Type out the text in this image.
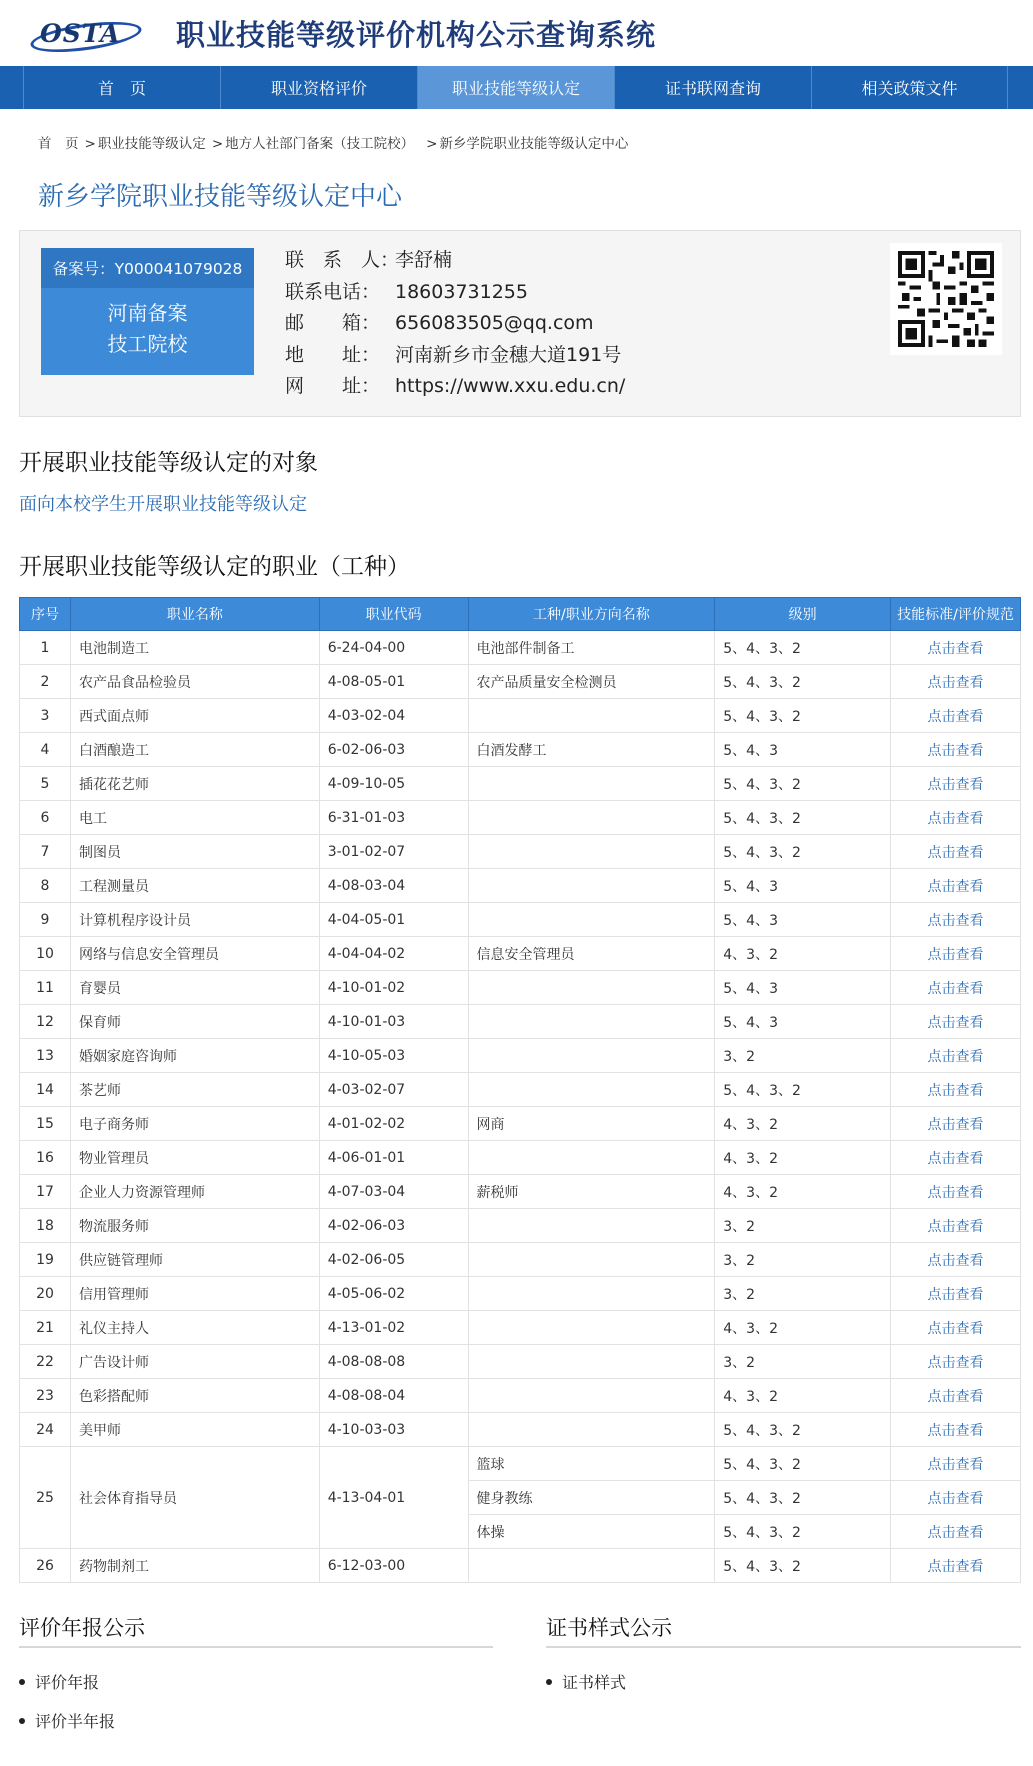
OSTA 职业技能等级评价机构公示查询系统
首　页	职业资格评价	职业技能等级认定	证书联网查询	相关政策文件
首　页 > 职业技能等级认定 > 地方人社部门备案（技工院校） > 新乡学院职业技能等级认定中心
新乡学院职业技能等级认定中心
备案号：Y000041079028
河南备案
技工院校
联　系　人：
李舒楠
联系电话： 18603731255
邮　　箱： 656083505@qq.com
地　　址： 河南新乡市金穗大道191号
网　　址： https://www.xxu.edu.cn/
开展职业技能等级认定的对象
面向本校学生开展职业技能等级认定
开展职业技能等级认定的职业（工种）
序号	职业名称	职业代码	工种/职业方向名称	级别	技能标准/评价规范
1	电池制造工	6-24-04-00	电池部件制备工	5、4、3、2	点击查看
2	农产品食品检验员	4-08-05-01	农产品质量安全检测员	5、4、3、2	点击查看
3	西式面点师	4-03-02-04		5、4、3、2	点击查看
4	白酒酿造工	6-02-06-03	白酒发酵工	5、4、3	点击查看
5	插花花艺师	4-09-10-05		5、4、3、2	点击查看
6	电工	6-31-01-03		5、4、3、2	点击查看
7	制图员	3-01-02-07		5、4、3、2	点击查看
8	工程测量员	4-08-03-04		5、4、3	点击查看
9	计算机程序设计员	4-04-05-01		5、4、3	点击查看
10	网络与信息安全管理员	4-04-04-02	信息安全管理员	4、3、2	点击查看
11	育婴员	4-10-01-02		5、4、3	点击查看
12	保育师	4-10-01-03		5、4、3	点击查看
13	婚姻家庭咨询师	4-10-05-03		3、2	点击查看
14	茶艺师	4-03-02-07		5、4、3、2	点击查看
15	电子商务师	4-01-02-02	网商	4、3、2	点击查看
16	物业管理员	4-06-01-01		4、3、2	点击查看
17	企业人力资源管理师	4-07-03-04	薪税师	4、3、2	点击查看
18	物流服务师	4-02-06-03		3、2	点击查看
19	供应链管理师	4-02-06-05		3、2	点击查看
20	信用管理师	4-05-06-02		3、2	点击查看
21	礼仪主持人	4-13-01-02		4、3、2	点击查看
22	广告设计师	4-08-08-08		3、2	点击查看
23	色彩搭配师	4-08-08-04		4、3、2	点击查看
24	美甲师	4-10-03-03		5、4、3、2	点击查看
25	社会体育指导员	4-13-04-01	篮球	5、4、3、2	点击查看
			健身教练	5、4、3、2	点击查看
			体操	5、4、3、2	点击查看
26	药物制剂工	6-12-03-00		5、4、3、2	点击查看
评价年报公示
评价年报
评价半年报
证书样式公示
证书样式
